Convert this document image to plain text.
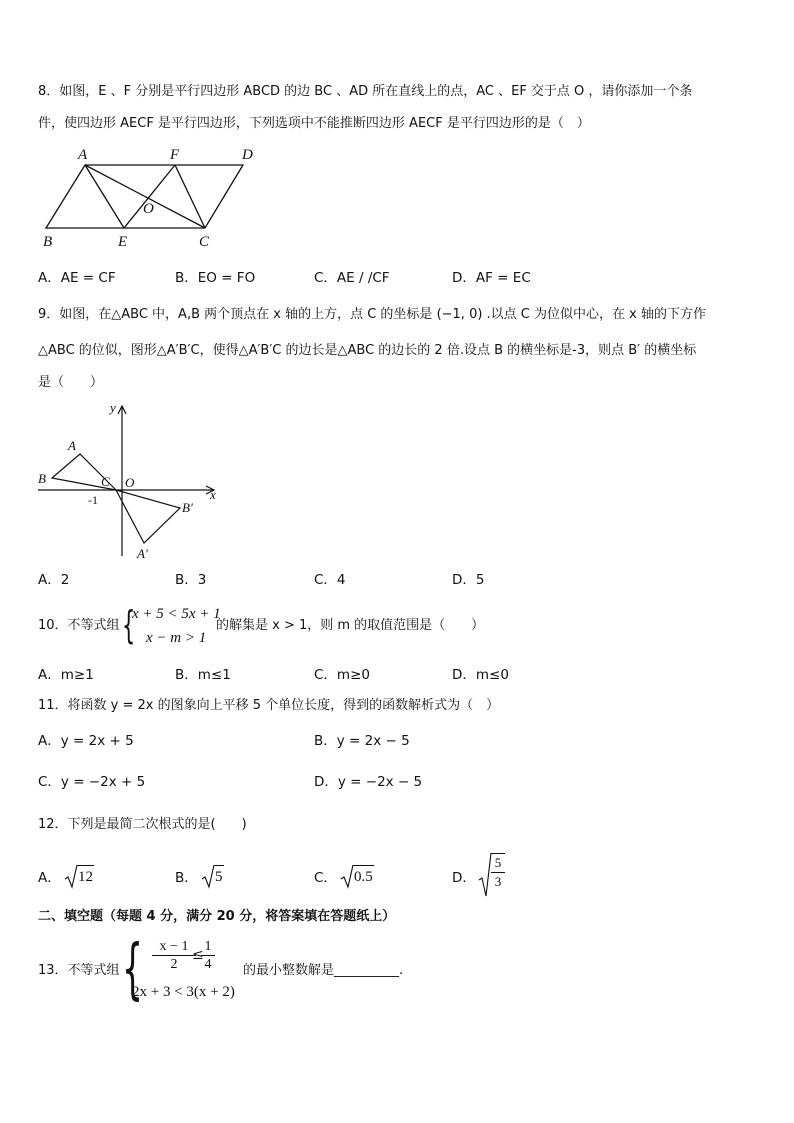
8．如图，E 、F 分别是平行四边形 ABCD 的边 BC 、AD 所在直线上的点，AC 、EF 交于点 O ，请你添加一个条
件，使四边形 AECF 是平行四边形，下列选项中不能推断四边形 AECF 是平行四边形的是（　）
A	F	D
O
B	E	C
A．AE = CF	B．EO = FO	C．AE / /CF	D．AF = EC
9．如图，在△ABC 中，A,B 两个顶点在 x 轴的上方，点 C 的坐标是 (−1, 0) .以点 C 为位似中心，在 x 轴的下方作
△ABC 的位似，图形△A′B′C，使得△A′B′C 的边长是△ABC 的边长的 2 倍.设点 B 的横坐标是-3，则点 B′ 的横坐标
是（　　）
y
x
A
B	C O
B′
A′
-1
A．2	B．3	C．4	D．5
10．不等式组 {
x + 5 < 5x + 1
x − m > 1
的解集是 x > 1，则 m 的取值范围是（　　）
A．m≥1	B．m≤1	C．m≥0	D．m≤0
11．将函数 y = 2x 的图象向上平移 5 个单位长度，得到的函数解析式为（　）
A．y = 2x + 5	B．y = 2x − 5
C．y = −2x + 5	D．y = −2x − 5
12．下列是最简二次根式的是(　　)
A． 12	B． 5	C． 0.5	D． $\frac{5}{3}$
二、填空题（每题 4 分，满分 20 分，将答案填在答题纸上）
13．不等式组 { $\frac{x - 1}{2}$
≤
$\frac{1}{4}$
2x + 3 < 3(x + 2)
的最小整数解是__________.
